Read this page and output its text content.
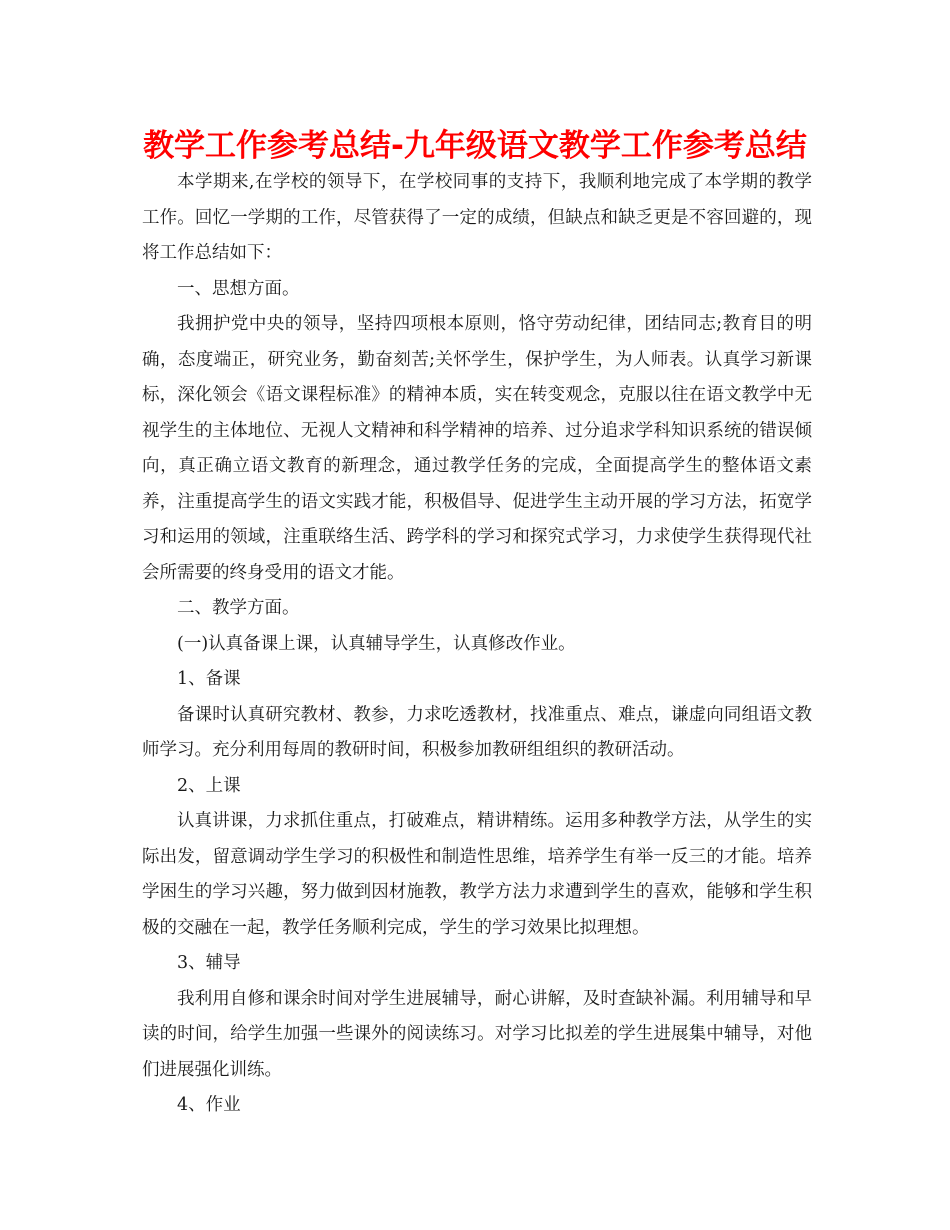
教学工作参考总结-九年级语文教学工作参考总结

本学期来,在学校的领导下，在学校同事的支持下，我顺利地完成了本学期的教学工作。回忆一学期的工作，尽管获得了一定的成绩，但缺点和缺乏更是不容回避的，现将工作总结如下：

一、思想方面。

我拥护党中央的领导，坚持四项根本原则，恪守劳动纪律，团结同志;教育目的明确，态度端正，研究业务，勤奋刻苦;关怀学生，保护学生，为人师表。认真学习新课标，深化领会《语文课程标准》的精神本质，实在转变观念，克服以往在语文教学中无视学生的主体地位、无视人文精神和科学精神的培养、过分追求学科知识系统的错误倾向，真正确立语文教育的新理念，通过教学任务的完成，全面提高学生的整体语文素养，注重提高学生的语文实践才能，积极倡导、促进学生主动开展的学习方法，拓宽学习和运用的领域，注重联络生活、跨学科的学习和探究式学习，力求使学生获得现代社会所需要的终身受用的语文才能。

二、教学方面。

(一)认真备课上课，认真辅导学生，认真修改作业。

1、备课

备课时认真研究教材、教参，力求吃透教材，找准重点、难点，谦虚向同组语文教师学习。充分利用每周的教研时间，积极参加教研组组织的教研活动。

2、上课

认真讲课，力求抓住重点，打破难点，精讲精练。运用多种教学方法，从学生的实际出发，留意调动学生学习的积极性和制造性思维，培养学生有举一反三的才能。培养学困生的学习兴趣，努力做到因材施教，教学方法力求遭到学生的喜欢，能够和学生积极的交融在一起，教学任务顺利完成，学生的学习效果比拟理想。

3、辅导

我利用自修和课余时间对学生进展辅导，耐心讲解，及时查缺补漏。利用辅导和早读的时间，给学生加强一些课外的阅读练习。对学习比拟差的学生进展集中辅导，对他们进展强化训练。

4、作业
